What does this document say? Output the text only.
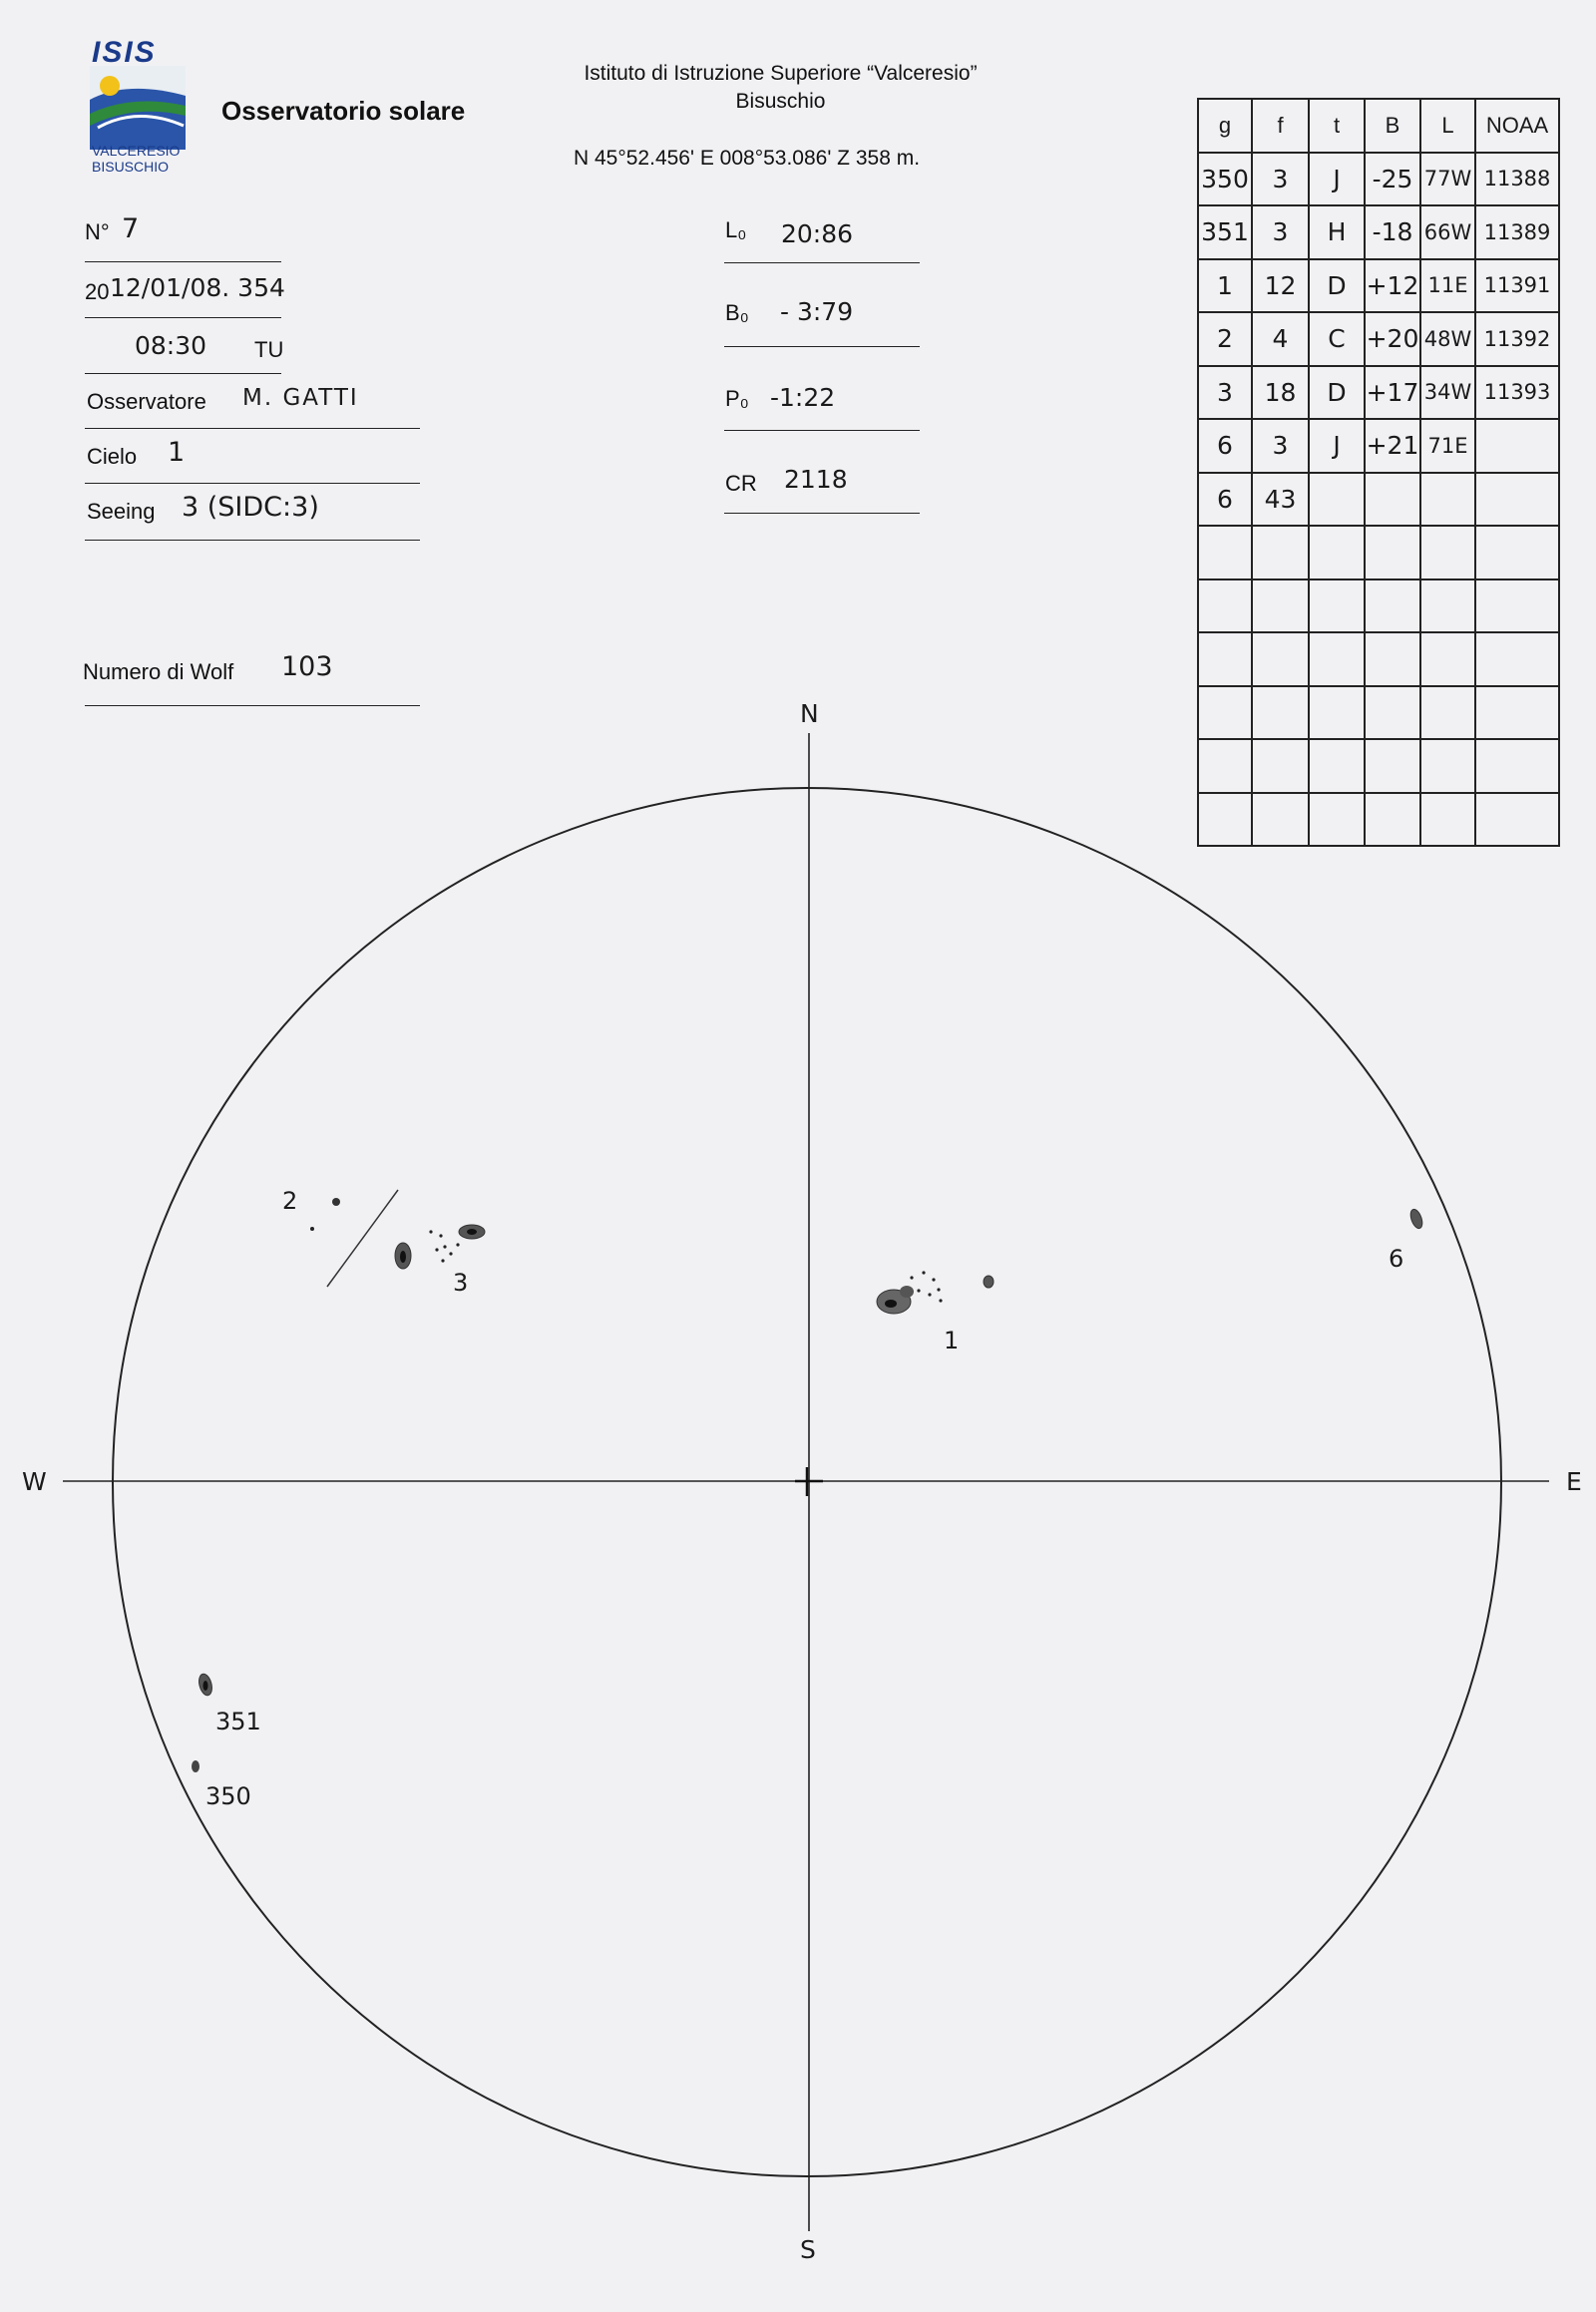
ISIS
VALCERESIO
BISUSCHIO
Osservatorio solare
Istituto di Istruzione Superiore “Valceresio”
Bisuschio
N 45°52.456' E 008°53.086' Z 358 m.
N° 7
20 12/01/08. 354
08:30 TU
Osservatore M. GATTI
Cielo 1
Seeing 3 (SIDC:3)
Numero di Wolf 103
L₀ 20:86
B₀ - 3:79
P₀ -1:22
CR 2118
g	f	t	B	L	NOAA
350	3	J	-25	77W	11388
351	3	H	-18	66W	11389
1	12	D	+12	11E	11391
2	4	C	+20	48W	11392
3	18	D	+17	34W	11393
6	3	J	+21	71E	
6	43				

N
S
W	E
2
3
1
6
351
350
